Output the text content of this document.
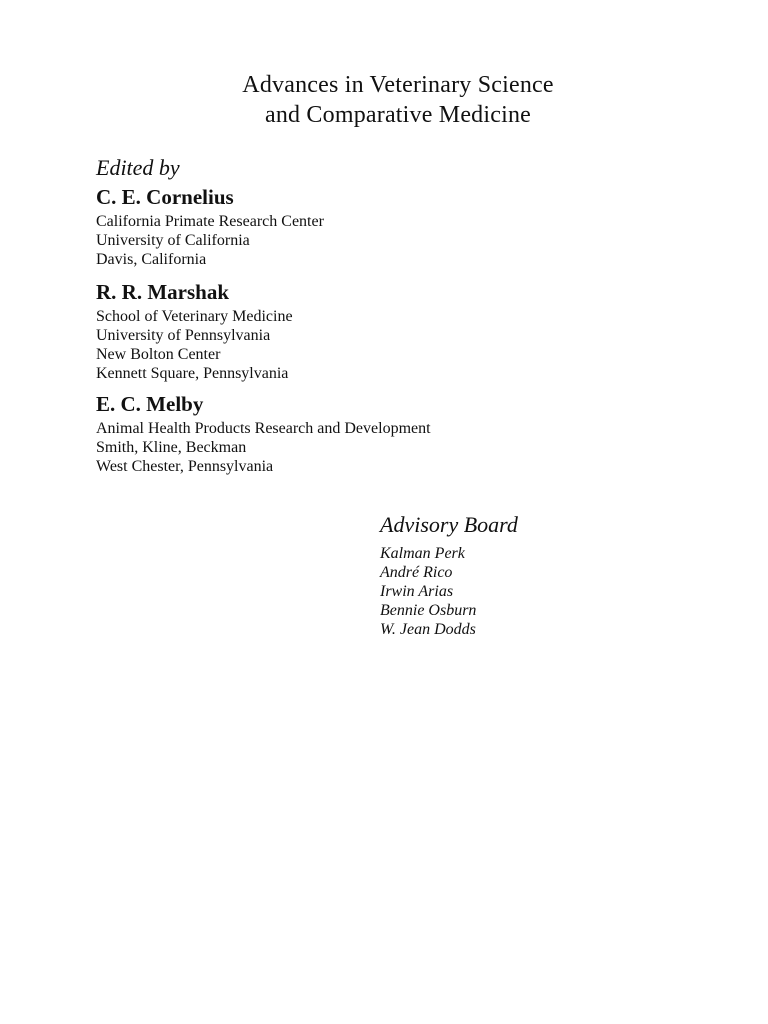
Advances in Veterinary Science
and Comparative Medicine
Edited by
C. E. Cornelius
California Primate Research Center
University of California
Davis, California
R. R. Marshak
School of Veterinary Medicine
University of Pennsylvania
New Bolton Center
Kennett Square, Pennsylvania
E. C. Melby
Animal Health Products Research and Development
Smith, Kline, Beckman
West Chester, Pennsylvania
Advisory Board
Kalman Perk
André Rico
Irwin Arias
Bennie Osburn
W. Jean Dodds
